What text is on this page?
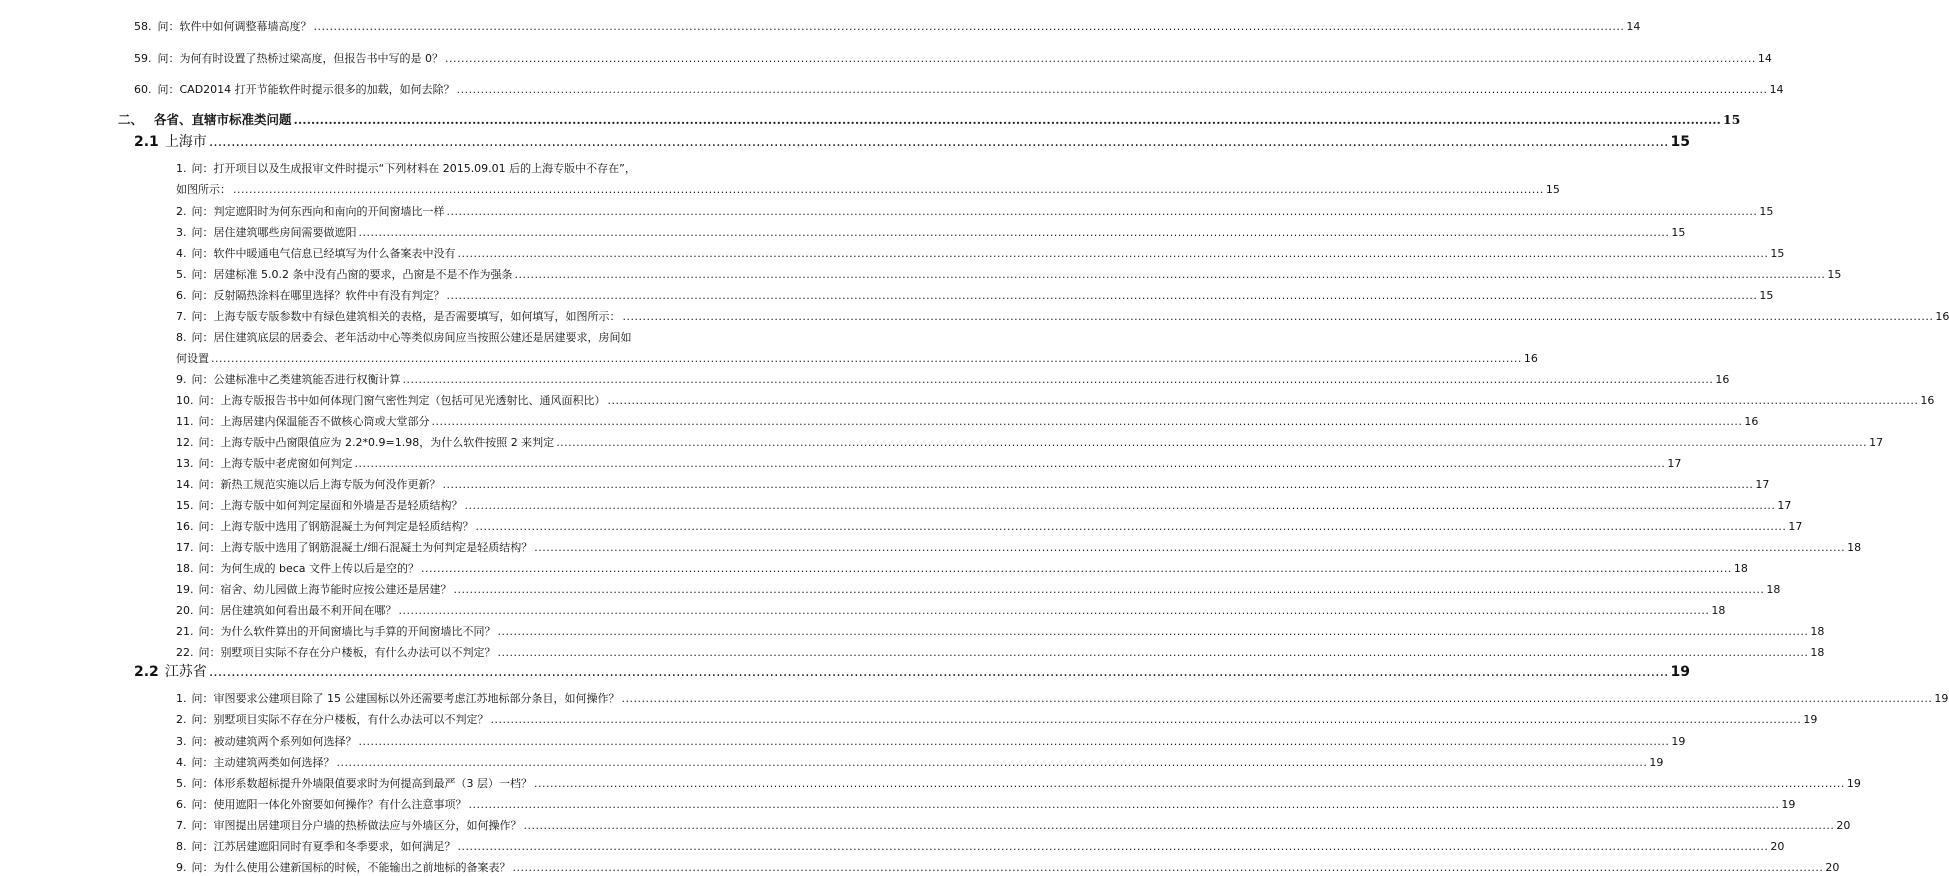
58. 问：软件中如何调整幕墙高度？ .....	14
59. 问：为何有时设置了热桥过梁高度，但报告书中写的是 0？ .....	14
60. 问：CAD2014 打开节能软件时提示很多的加载，如何去除？ .....	14
二、 各省、直辖市标准类问题 .....	15
2.1 上海市 .....	15
1. 问：打开项目以及生成报审文件时提示“下列材料在 2015.09.01 后的上海专版中不存在”，
如图所示： .....	15
2. 问：判定遮阳时为何东西向和南向的开间窗墙比一样 .....	15
3. 问：居住建筑哪些房间需要做遮阳 .....	15
4. 问：软件中暖通电气信息已经填写为什么备案表中没有 .....	15
5. 问：居建标准 5.0.2 条中没有凸窗的要求，凸窗是不是不作为强条 .....	15
6. 问：反射隔热涂料在哪里选择？软件中有没有判定？ .....	15
7. 问：上海专版专版参数中有绿色建筑相关的表格，是否需要填写，如何填写，如图所示： .....	16
8. 问：居住建筑底层的居委会、老年活动中心等类似房间应当按照公建还是居建要求，房间如
何设置 .....	16
9. 问：公建标准中乙类建筑能否进行权衡计算 .....	16
10. 问：上海专版报告书中如何体现门窗气密性判定（包括可见光透射比、通风面积比） .....	16
11. 问：上海居建内保温能否不做核心筒或大堂部分 .....	16
12. 问：上海专版中凸窗限值应为 2.2*0.9=1.98，为什么软件按照 2 来判定 .....	17
13. 问：上海专版中老虎窗如何判定 .....	17
14. 问：新热工规范实施以后上海专版为何没作更新？ .....	17
15. 问：上海专版中如何判定屋面和外墙是否是轻质结构？ .....	17
16. 问：上海专版中选用了钢筋混凝土为何判定是轻质结构？ .....	17
17. 问：上海专版中选用了钢筋混凝土/细石混凝土为何判定是轻质结构？ .....	18
18. 问：为何生成的 beca 文件上传以后是空的？ .....	18
19. 问：宿舍、幼儿园做上海节能时应按公建还是居建？ .....	18
20. 问：居住建筑如何看出最不利开间在哪？ .....	18
21. 问：为什么软件算出的开间窗墙比与手算的开间窗墙比不同？ .....	18
22. 问：别墅项目实际不存在分户楼板，有什么办法可以不判定？ .....	18
2.2 江苏省 .....	19
1. 问：审图要求公建项目除了 15 公建国标以外还需要考虑江苏地标部分条目，如何操作？ .....	19
2. 问：别墅项目实际不存在分户楼板，有什么办法可以不判定？ .....	19
3. 问：被动建筑两个系列如何选择？ .....	19
4. 问：主动建筑两类如何选择？ .....	19
5. 问：体形系数超标提升外墙限值要求时为何提高到最严（3 层）一档？ .....	19
6. 问：使用遮阳一体化外窗要如何操作？有什么注意事项？ .....	19
7. 问：审图提出居建项目分户墙的热桥做法应与外墙区分，如何操作？ .....	20
8. 问：江苏居建遮阳同时有夏季和冬季要求，如何满足？ .....	20
9. 问：为什么使用公建新国标的时候，不能输出之前地标的备案表？ .....	20
